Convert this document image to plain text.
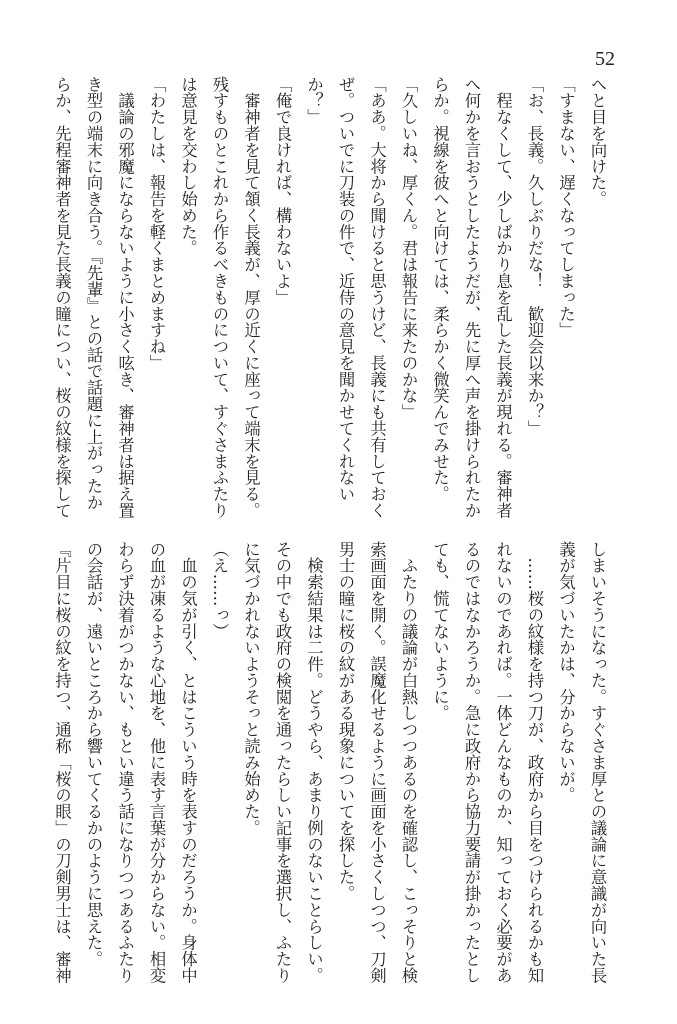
52
へと目を向けた。
「すまない、遅くなってしまった」
「お、長義。久しぶりだな！　歓迎会以来か？」
　程なくして、少しばかり息を乱した長義が現れる。審神者
へ何かを言おうとしたようだが、先に厚へ声を掛けられたか
らか。視線を彼へと向けては、柔らかく微笑んでみせた。
「久しいね、厚くん。君は報告に来たのかな」
「ああ。大将から聞けると思うけど、長義にも共有しておく
ぜ。ついでに刀装の件で、近侍の意見を聞かせてくれない
か？」
「俺で良ければ、構わないよ」
　審神者を見て頷く長義が、厚の近くに座って端末を見る。
残すものとこれから作るべきものについて、すぐさまふたり
は意見を交わし始めた。
「わたしは、報告を軽くまとめますね」
　議論の邪魔にならないように小さく呟き、審神者は据え置
き型の端末に向き合う。『先輩』との話で話題に上がったか
らか、先程審神者を見た長義の瞳につい、桜の紋様を探して
しまいそうになった。すぐさま厚との議論に意識が向いた長
義が気づいたかは、分からないが。
　……桜の紋様を持つ刀が、政府から目をつけられるかも知
れないのであれば。一体どんなものか、知っておく必要があ
るのではなかろうか。急に政府から協力要請が掛かったとし
ても、慌てないように。
　ふたりの議論が白熱しつつあるのを確認し、こっそりと検
索画面を開く。誤魔化せるように画面を小さくしつつ、刀剣
男士の瞳に桜の紋がある現象についてを探した。
　検索結果は二件。どうやら、あまり例のないことらしい。
その中でも政府の検閲を通ったらしい記事を選択し、ふたり
に気づかれないようそっと読み始めた。
（え……っ）
　血の気が引く、とはこういう時を表すのだろうか。身体中
の血が凍るような心地を、他に表す言葉が分からない。相変
わらず決着がつかない、もとい違う話になりつつあるふたり
の会話が、遠いところから響いてくるかのように思えた。
『片目に桜の紋を持つ、通称「桜の眼」の刀剣男士は、審神
